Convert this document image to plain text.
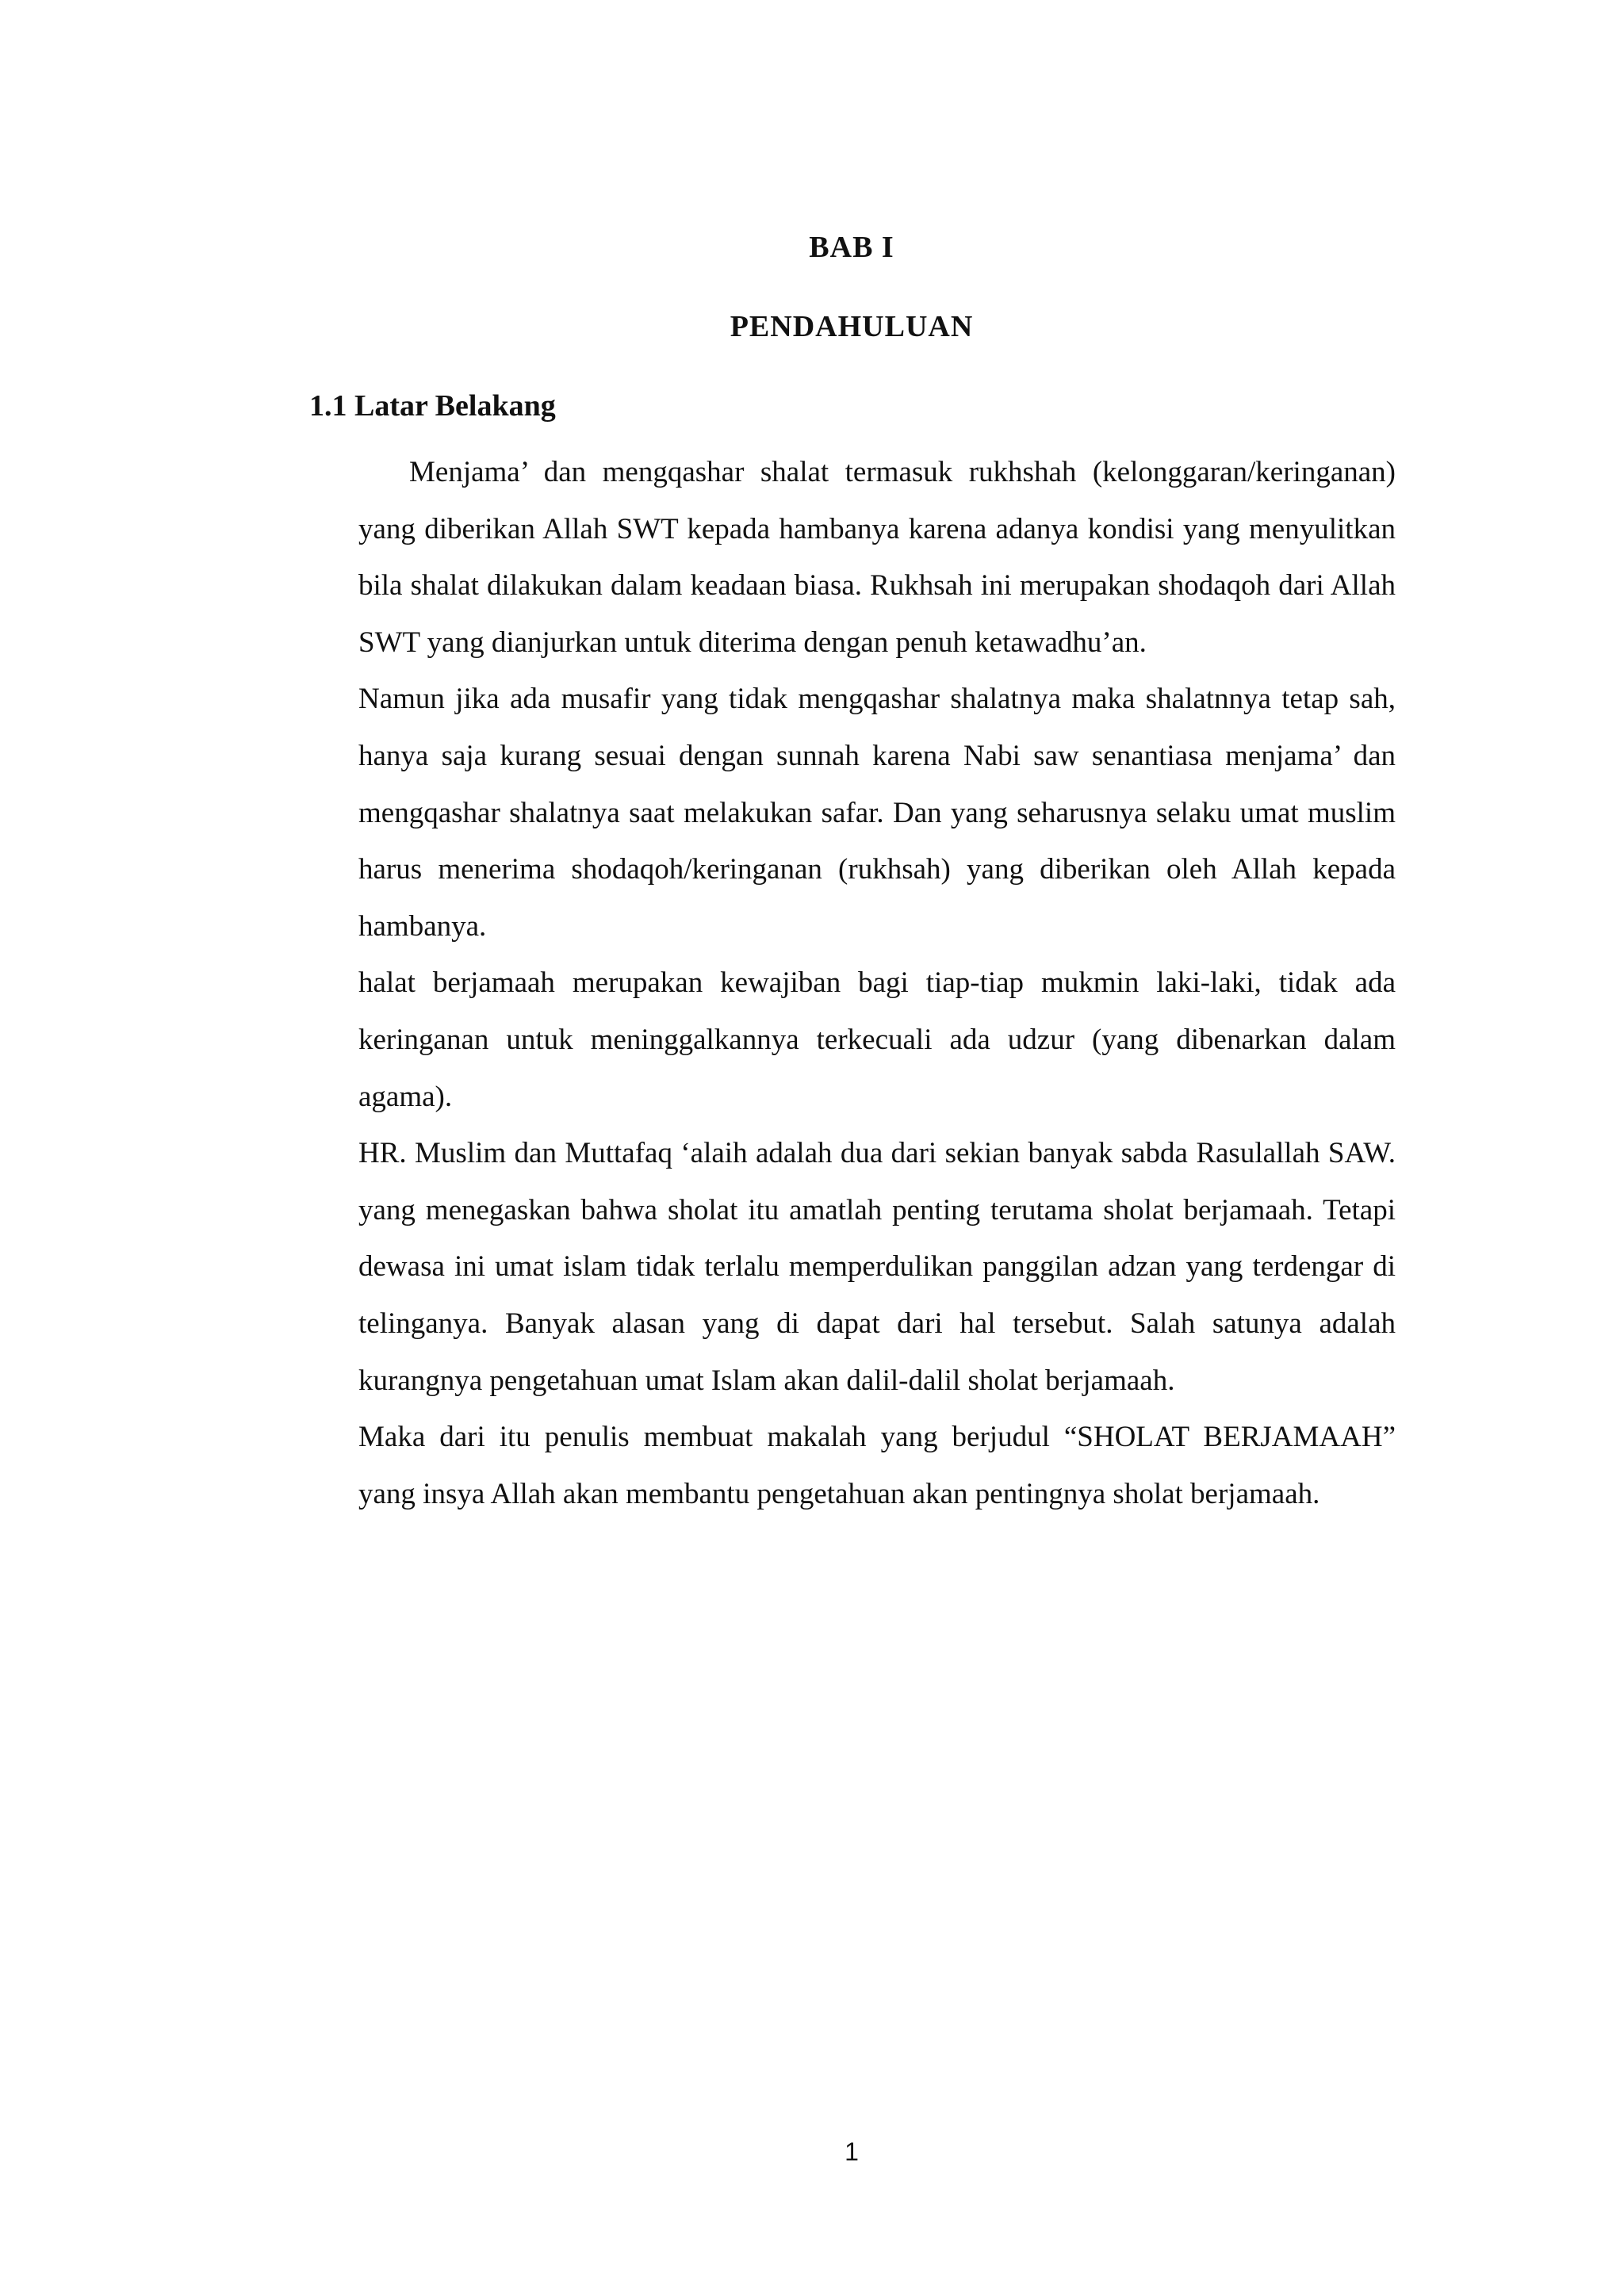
BAB I
PENDAHULUAN
1.1 Latar Belakang

Menjama’ dan mengqashar shalat termasuk rukhshah (kelonggaran/keringanan) yang diberikan Allah SWT kepada hambanya karena adanya kondisi yang menyulitkan bila shalat dilakukan dalam keadaan biasa. Rukhsah ini merupakan shodaqoh dari Allah SWT yang dianjurkan untuk diterima dengan penuh ketawadhu’an.

Namun jika ada musafir yang tidak mengqashar shalatnya maka shalatnnya tetap sah, hanya saja kurang sesuai dengan sunnah karena Nabi saw senantiasa menjama’ dan mengqashar shalatnya saat melakukan safar. Dan yang seharusnya selaku umat muslim harus menerima shodaqoh/keringanan (rukhsah) yang diberikan oleh Allah kepada hambanya.

halat berjamaah merupakan kewajiban bagi tiap-tiap mukmin laki-laki, tidak ada keringanan untuk meninggalkannya terkecuali ada udzur (yang dibenarkan dalam agama).

HR. Muslim dan Muttafaq ‘alaih adalah dua dari sekian banyak sabda Rasulallah SAW. yang menegaskan bahwa sholat itu amatlah penting terutama sholat berjamaah. Tetapi dewasa ini umat islam tidak terlalu memperdulikan panggilan adzan yang terdengar di telinganya. Banyak alasan yang di dapat dari hal tersebut. Salah satunya adalah kurangnya pengetahuan umat Islam akan dalil-dalil sholat berjamaah.

Maka dari itu penulis membuat makalah yang berjudul “SHOLAT BERJAMAAH” yang insya Allah akan membantu pengetahuan akan pentingnya sholat berjamaah.

1
